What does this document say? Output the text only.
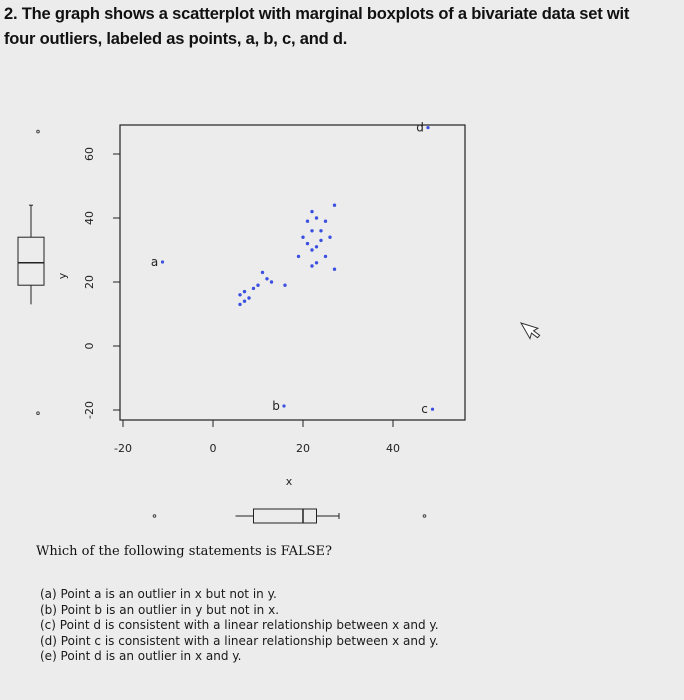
2. The graph shows a scatterplot with marginal boxplots of a bivariate data set wit
four outliers, labeled as points, a, b, c, and d.
-20	0	20	40
-20
0
20
40
60
x
y
a
b	c
d
Which of the following statements is FALSE?
(a) Point a is an outlier in x but not in y.
(b) Point b is an outlier in y but not in x.
(c) Point d is consistent with a linear relationship between x and y.
(d) Point c is consistent with a linear relationship between x and y.
(e) Point d is an outlier in x and y.
